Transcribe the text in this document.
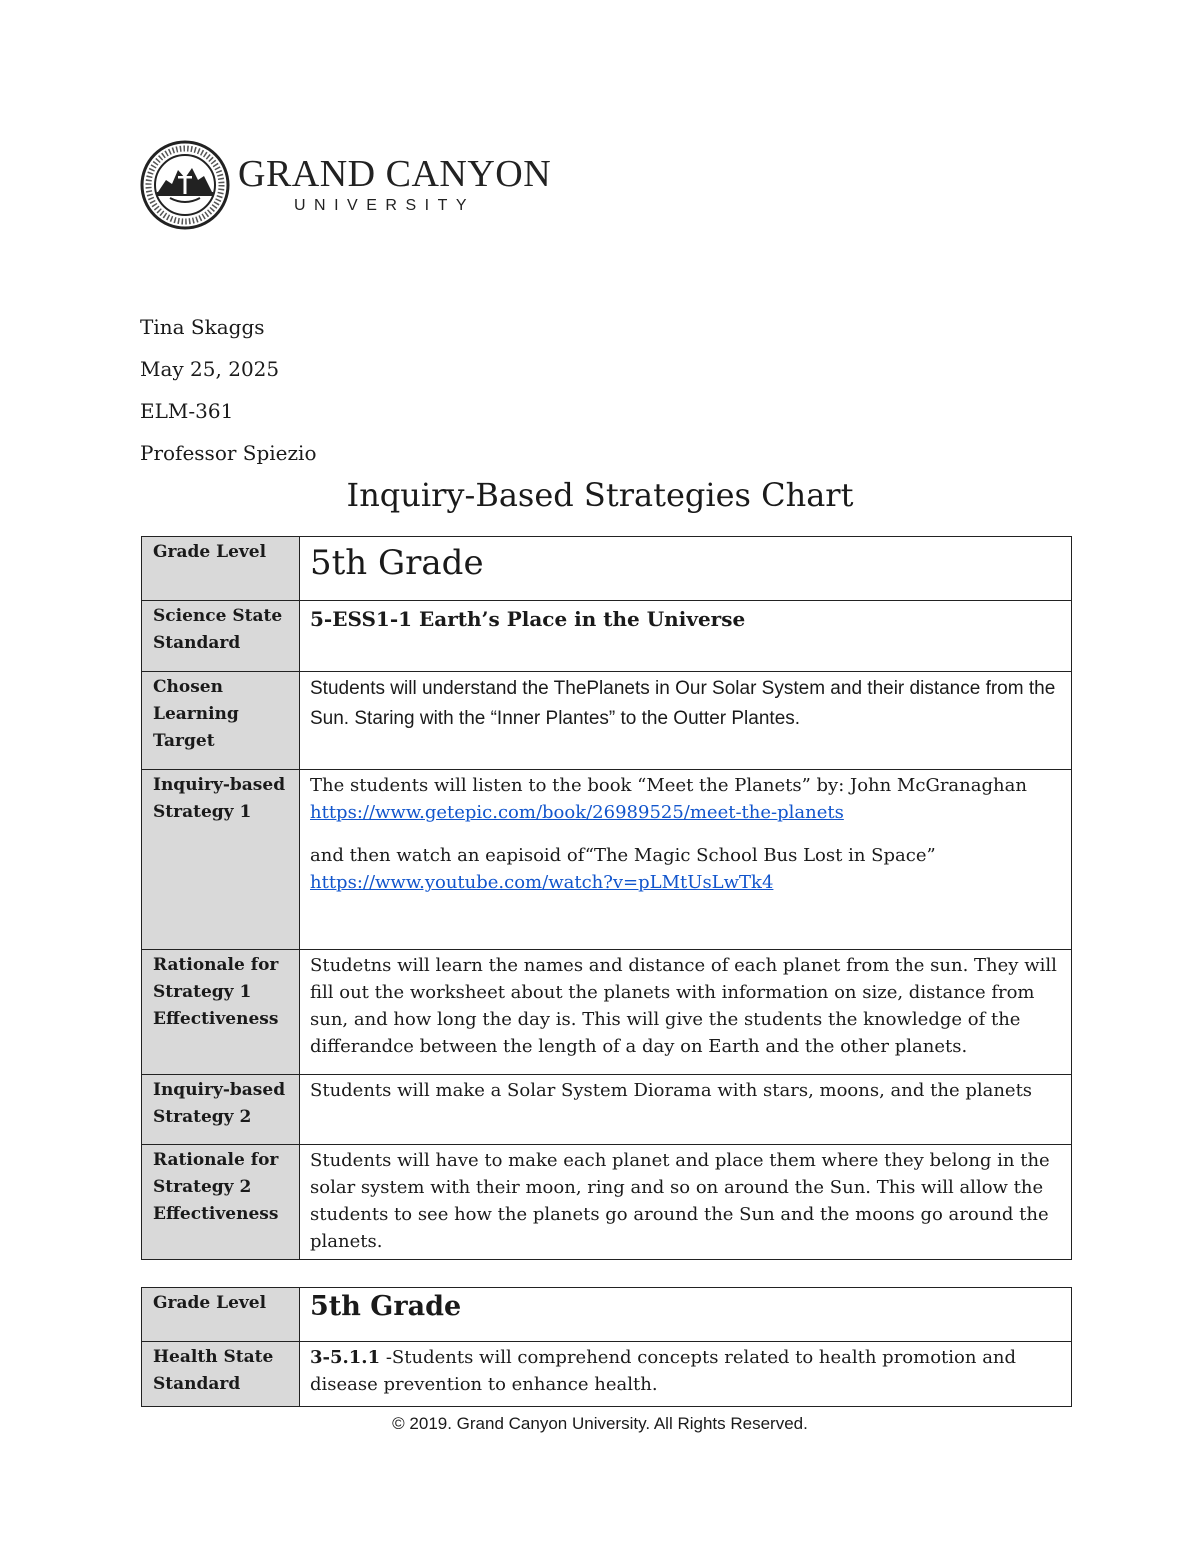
GRAND CANYON
UNIVERSITY
Tina Skaggs
May 25, 2025
ELM-361
Professor Spiezio
Inquiry-Based Strategies Chart
Grade Level	5th Grade

Science State Standard	5-ESS1-1 Earth’s Place in the Universe

Chosen Learning Target	Students will understand the ThePlanets in Our Solar System and their distance from the Sun. Staring with the “Inner Plantes” to the Outter Plantes.

Inquiry-based Strategy 1	The students will listen to the book “Meet the Planets” by: John McGranaghan
https://www.getepic.com/book/26989525/meet-the-planets
and then watch an eapisoid of“The Magic School Bus Lost in Space”
https://www.youtube.com/watch?v=pLMtUsLwTk4

Rationale for Strategy 1 Effectiveness	Studetns will learn the names and distance of each planet from the sun. They will fill out the worksheet about the planets with information on size, distance from sun, and how long the day is. This will give the students the knowledge of the differandce between the length of a day on Earth and the other planets.
Inquiry-based Strategy 2	Students will make a Solar System Diorama with stars, moons, and the planets
Rationale for Strategy 2 Effectiveness	Students will have to make each planet and place them where they belong in the solar system with their moon, ring and so on around the Sun. This will allow the students to see how the planets go around the Sun and the moons go around the planets.
Grade Level	5th Grade

Health State Standard	3-5.1.1 -Students will comprehend concepts related to health promotion and disease prevention to enhance health.
© 2019. Grand Canyon University. All Rights Reserved.
